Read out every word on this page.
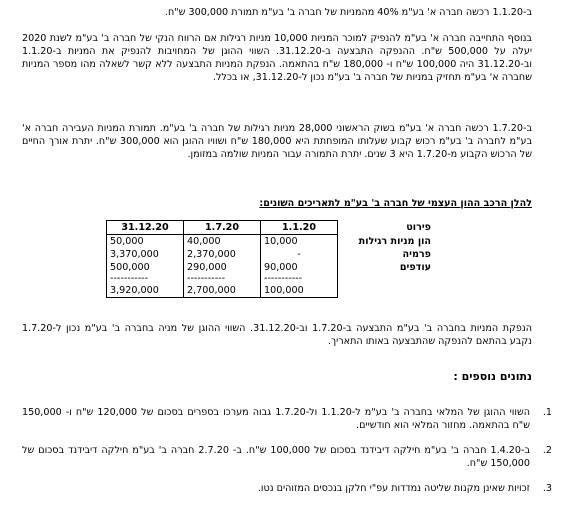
ב-1.1.20 רכשה חברה א' בע"מ 40% מהמניות של חברה ב' בע"מ תמורת 300,000 ש"ח.

בנוסף התחייבה חברה א' בע"מ להנפיק למוכר המניות 10,000 מניות רגילות אם הרווח הנקי של חברה ב' בע"מ לשנת 2020 יעלה על 500,000 ש"ח. ההנפקה התבצעה ב-31.12.20. השווי ההוגן של המחויבות להנפיק את המניות ב-1.1.20 וב-31.12.20 היה 100,000 ש"ח ו- 180,000 ש"ח בהתאמה. הנפקת המניות התבצעה ללא קשר לשאלה מהו מספר המניות שחברה א' בע"מ תחזיק במניות של חברה ב' בע"מ נכון ל-31.12.20, או בכלל.

ב-1.7.20 רכשה חברה א' בע"מ בשוק הראשוני 28,000 מניות רגילות של חברה ב' בע"מ. תמורת המניות העבירה חברה א' בע"מ לחברה ב' בע"מ רכוש קבוע שעלותו המופחתת היא 180,000 ש"ח ושוויו ההוגן הוא 300,000 ש"ח. יתרת אורך החיים של הרכוש הקבוע מ-1.7.20 היא 3 שנים. יתרת התמורה עבור המניות שולמה במזומן.

להלן הרכב ההון העצמי של חברה ב' בע"מ לתאריכים השונים:

פירוט	1.1.20	1.7.20	31.12.20
הון מניות רגילות	10,000	40,000	50,000
פרמיה	-	2,370,000	3,370,000
עודפים	90,000	290,000	500,000
	-----------	-----------	-----------
	100,000	2,700,000	3,920,000

הנפקת המניות בחברה ב' בע"מ התבצעה ב-1.7.20 וב-31.12.20. השווי ההוגן של מניה בחברה ב' בע"מ נכון ל-1.7.20 נקבע בהתאם להנפקה שהתבצעה באותו התאריך.

נתונים נוספים :

1.
השווי ההוגן של המלאי בחברה ב' בע"מ ל-1.1.20 ול-1.7.20 גבוה מערכו בספרים בסכום של 120,000 ש"ח ו- 150,000 ש"ח בהתאמה. מחזור המלאי הוא חודשיים.
2.
ב-1.4.20 חברה ב' בע"מ חילקה דיבידנד בסכום של 100,000 ש"ח. ב- 2.7.20 חברה ב' בע"מ חילקה דיבידנד בסכום של 150,000 ש"ח.
3.
זכויות שאינן מקנות שליטה נמדדות עפ"י חלקן בנכסים המזוהים נטו.
